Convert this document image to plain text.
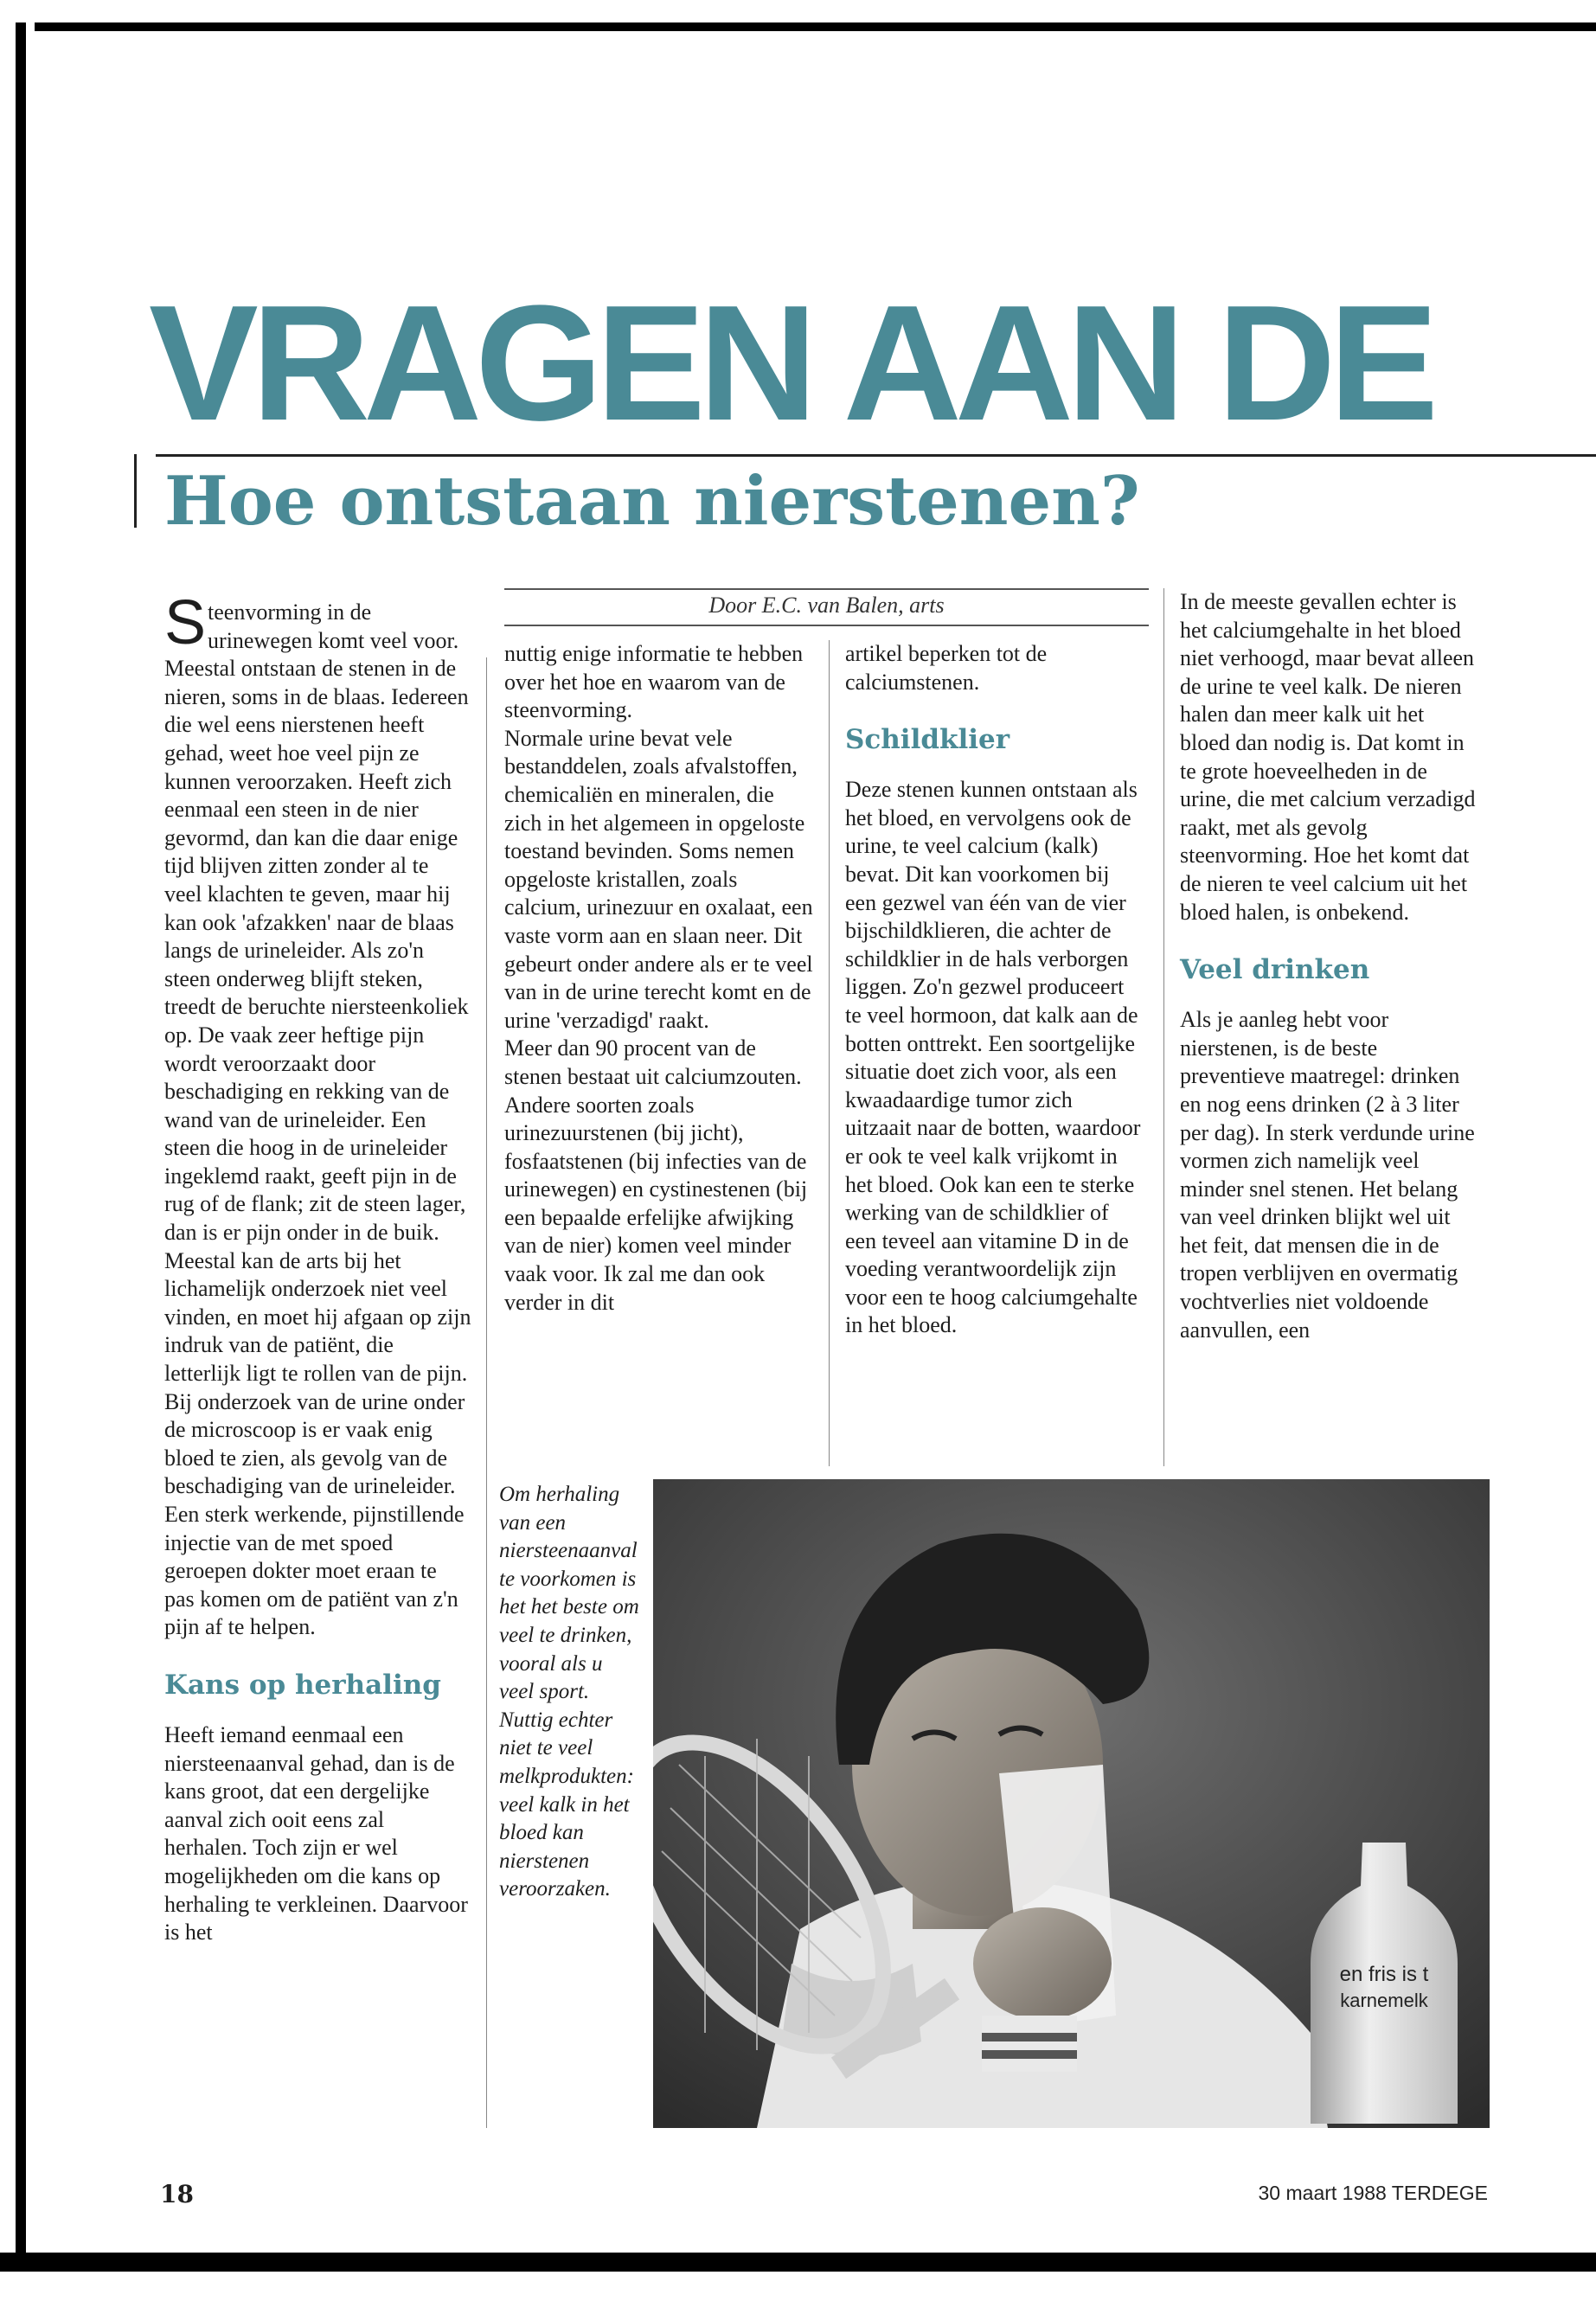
VRAGEN AAN DE
Hoe ontstaan nierstenen?
Door E.C. van Balen, arts

Steenvorming in de urinewegen komt veel voor. Meestal ontstaan de stenen in de nieren, soms in de blaas. Iedereen die wel eens nierstenen heeft gehad, weet hoe veel pijn ze kunnen veroorzaken. Heeft zich eenmaal een steen in de nier gevormd, dan kan die daar enige tijd blijven zitten zonder al te veel klachten te geven, maar hij kan ook 'afzakken' naar de blaas langs de urineleider. Als zo'n steen onderweg blijft steken, treedt de beruchte niersteenkoliek op. De vaak zeer heftige pijn wordt veroorzaakt door beschadiging en rekking van de wand van de urineleider. Een steen die hoog in de urineleider ingeklemd raakt, geeft pijn in de rug of de flank; zit de steen lager, dan is er pijn onder in de buik. Meestal kan de arts bij het lichamelijk onderzoek niet veel vinden, en moet hij afgaan op zijn indruk van de patiënt, die letterlijk ligt te rollen van de pijn. Bij onderzoek van de urine onder de microscoop is er vaak enig bloed te zien, als gevolg van de beschadiging van de urineleider. Een sterk werkende, pijnstillende injectie van de met spoed geroepen dokter moet eraan te pas komen om de patiënt van z'n pijn af te helpen.

Kans op herhaling

Heeft iemand eenmaal een niersteenaanval gehad, dan is de kans groot, dat een dergelijke aanval zich ooit eens zal herhalen. Toch zijn er wel mogelijkheden om die kans op herhaling te verkleinen. Daarvoor is het

nuttig enige informatie te hebben over het hoe en waarom van de steenvorming.

Normale urine bevat vele bestanddelen, zoals afvalstoffen, chemicaliën en mineralen, die zich in het algemeen in opgeloste toestand bevinden. Soms nemen opgeloste kristallen, zoals calcium, urinezuur en oxalaat, een vaste vorm aan en slaan neer. Dit gebeurt onder andere als er te veel van in de urine terecht komt en de urine 'verzadigd' raakt.

Meer dan 90 procent van de stenen bestaat uit calciumzouten. Andere soorten zoals urinezuurstenen (bij jicht), fosfaatstenen (bij infecties van de urinewegen) en cystinestenen (bij een bepaalde erfelijke afwijking van de nier) komen veel minder vaak voor. Ik zal me dan ook verder in dit

artikel beperken tot de calciumstenen.

Schildklier

Deze stenen kunnen ontstaan als het bloed, en vervolgens ook de urine, te veel calcium (kalk) bevat. Dit kan voorkomen bij een gezwel van één van de vier bijschildklieren, die achter de schildklier in de hals verborgen liggen. Zo'n gezwel produceert te veel hormoon, dat kalk aan de botten onttrekt. Een soortgelijke situatie doet zich voor, als een kwaadaardige tumor zich uitzaait naar de botten, waardoor er ook te veel kalk vrijkomt in het bloed. Ook kan een te sterke werking van de schildklier of een teveel aan vitamine D in de voeding verantwoordelijk zijn voor een te hoog calciumgehalte in het bloed.

In de meeste gevallen echter is het calciumgehalte in het bloed niet verhoogd, maar bevat alleen de urine te veel kalk. De nieren halen dan meer kalk uit het bloed dan nodig is. Dat komt in te grote hoeveelheden in de urine, die met calcium verzadigd raakt, met als gevolg steenvorming. Hoe het komt dat de nieren te veel calcium uit het bloed halen, is onbekend.

Veel drinken

Als je aanleg hebt voor nierstenen, is de beste preventieve maatregel: drinken en nog eens drinken (2 à 3 liter per dag). In sterk verdunde urine vormen zich namelijk veel minder snel stenen. Het belang van veel drinken blijkt wel uit het feit, dat mensen die in de tropen verblijven en overmatig vochtverlies niet voldoende aanvullen, een

Om herhaling van een niersteenaanval te voorkomen is het het beste om veel te drinken, vooral als u veel sport. Nuttig echter niet te veel melkprodukten: veel kalk in het bloed kan nierstenen veroorzaken.
en fris is t
karnemelk
18	30 maart 1988 TERDEGE
